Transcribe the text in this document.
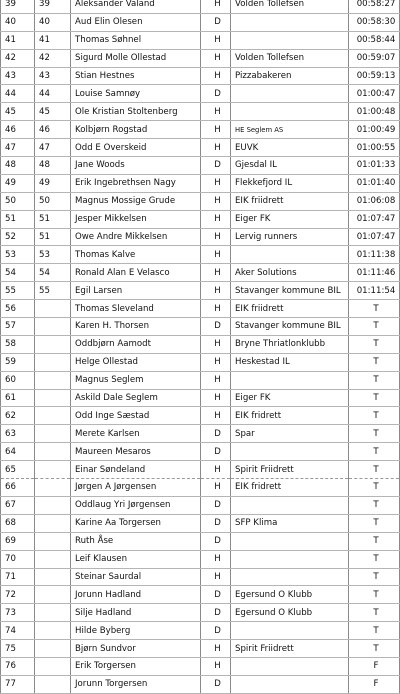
39	39	Aleksander Valand	H	Volden Tollefsen	00:58:27
40	40	Aud Elin Olesen	D		00:58:30
41	41	Thomas Søhnel	H		00:58:44
42	42	Sigurd Molle Ollestad	H	Volden Tollefsen	00:59:07
43	43	Stian Hestnes	H	Pizzabakeren	00:59:13
44	44	Louise Samnøy	D		01:00:47
45	45	Ole Kristian Stoltenberg	H		01:00:48
46	46	Kolbjørn Rogstad	H	HE Seglem AS	01:00:49
47	47	Odd E Overskeid	H	EUVK	01:00:55
48	48	Jane Woods	D	Gjesdal IL	01:01:33
49	49	Erik Ingebrethsen Nagy	H	Flekkefjord IL	01:01:40
50	50	Magnus Mossige Grude	H	EIK friidrett	01:06:08
51	51	Jesper Mikkelsen	H	Eiger FK	01:07:47
52	51	Owe Andre Mikkelsen	H	Lervig runners	01:07:47
53	53	Thomas Kalve	H		01:11:38
54	54	Ronald Alan E Velasco	H	Aker Solutions	01:11:46
55	55	Egil Larsen	H	Stavanger kommune BIL	01:11:54
56		Thomas Sleveland	H	EIK friidrett	T
57		Karen H. Thorsen	D	Stavanger kommune BIL	T
58		Oddbjørn Aamodt	H	Bryne Thriatlonklubb	T
59		Helge Ollestad	H	Heskestad IL	T
60		Magnus Seglem	H		T
61		Askild Dale Seglem	H	Eiger FK	T
62		Odd Inge Sæstad	H	EIK fridrett	T
63		Merete Karlsen	D	Spar	T
64		Maureen Mesaros	D		T
65		Einar Søndeland	H	Spirit Friidrett	T
66		Jørgen A Jørgensen	H	EIK fridrett	T
67		Oddlaug Yri Jørgensen	D		T
68		Karine Aa Torgersen	D	SFP Klima	T
69		Ruth Åse	D		T
70		Leif Klausen	H		T
71		Steinar Saurdal	H		T
72		Jorunn Hadland	D	Egersund O Klubb	T
73		Silje Hadland	D	Egersund O Klubb	T
74		Hilde Byberg	D		T
75		Bjørn Sundvor	H	Spirit Friidrett	T
76		Erik Torgersen	H		F
77		Jorunn Torgersen	D		F
